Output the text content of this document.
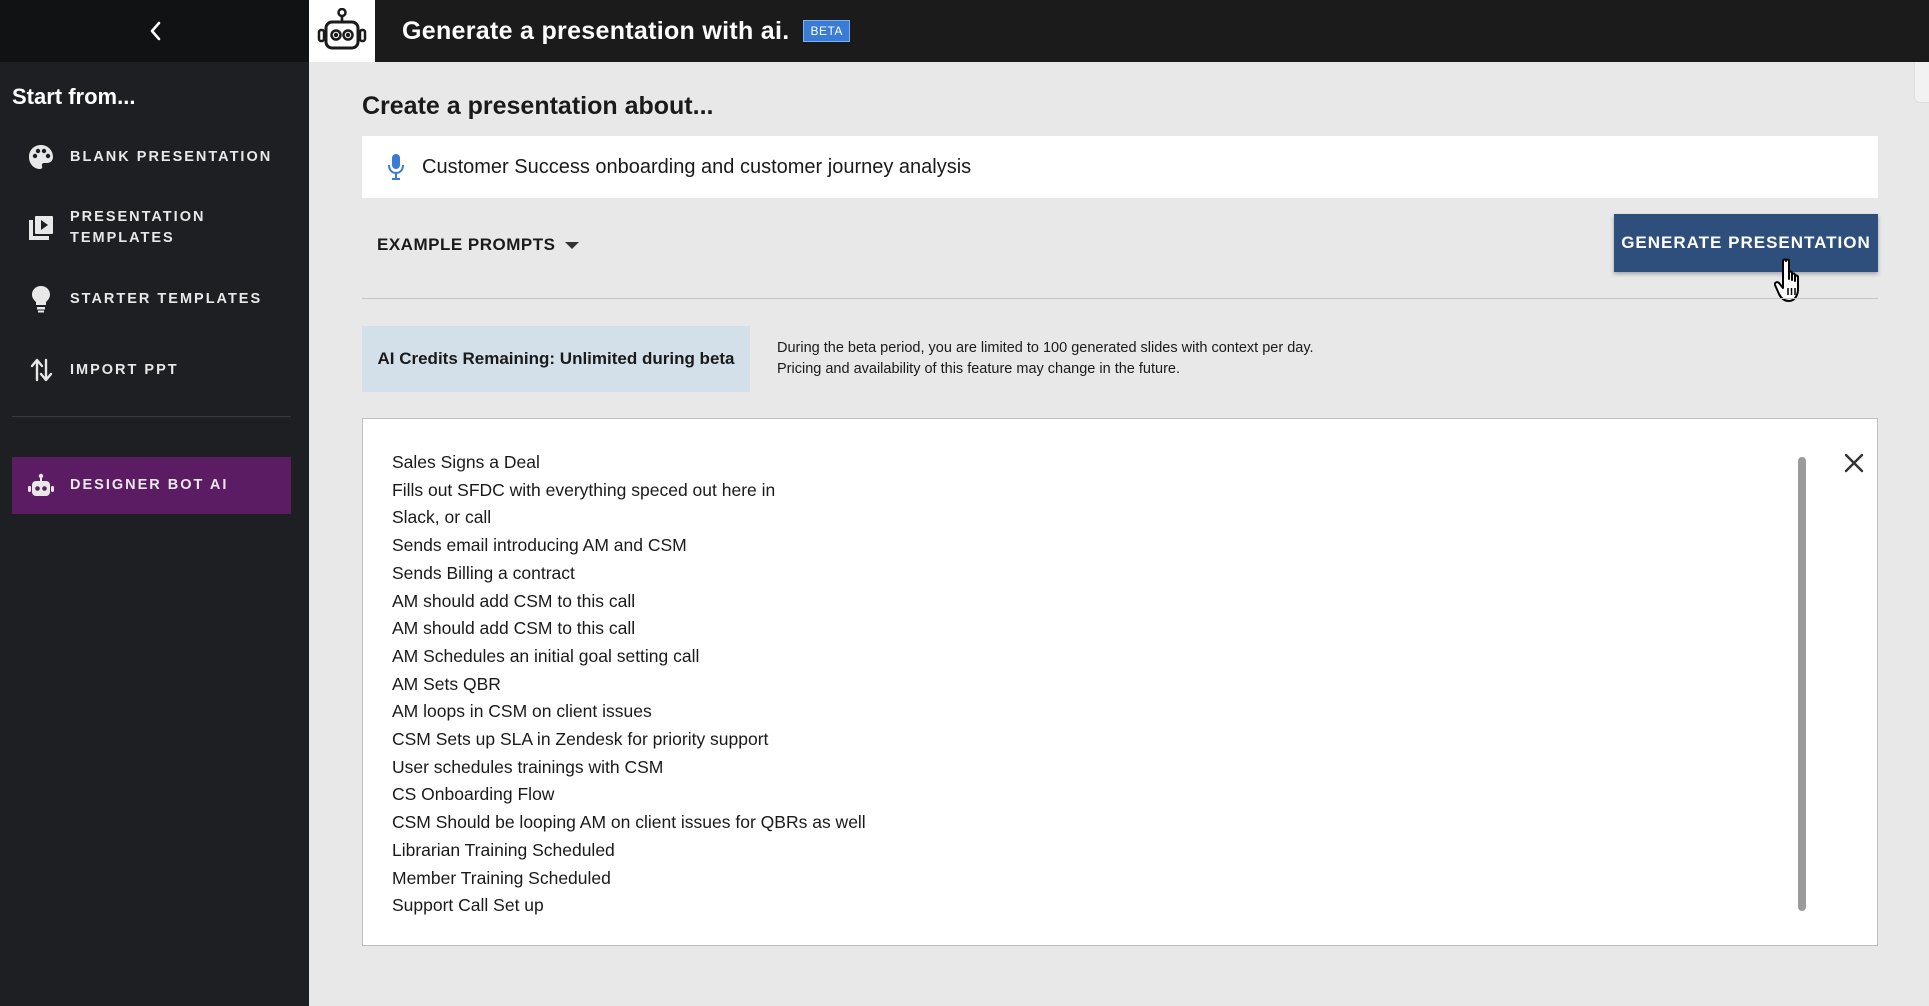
Start from...
BLANK PRESENTATION
PRESENTATION TEMPLATES
STARTER TEMPLATES
IMPORT PPT
DESIGNER BOT AI
Generate a presentation with ai.	BETA
Create a presentation about...
Customer Success onboarding and customer journey analysis
EXAMPLE PROMPTS	GENERATE PRESENTATION
AI Credits Remaining: Unlimited during beta
During the beta period, you are limited to 100 generated slides with context per day.
Pricing and availability of this feature may change in the future.
Sales Signs a Deal
Fills out SFDC with everything speced out here in
Slack, or call
Sends email introducing AM and CSM
Sends Billing a contract
AM should add CSM to this call
AM should add CSM to this call
AM Schedules an initial goal setting call
AM Sets QBR
AM loops in CSM on client issues
CSM Sets up SLA in Zendesk for priority support
User schedules trainings with CSM
CS Onboarding Flow
CSM Should be looping AM on client issues for QBRs as well
Librarian Training Scheduled
Member Training Scheduled
Support Call Set up
